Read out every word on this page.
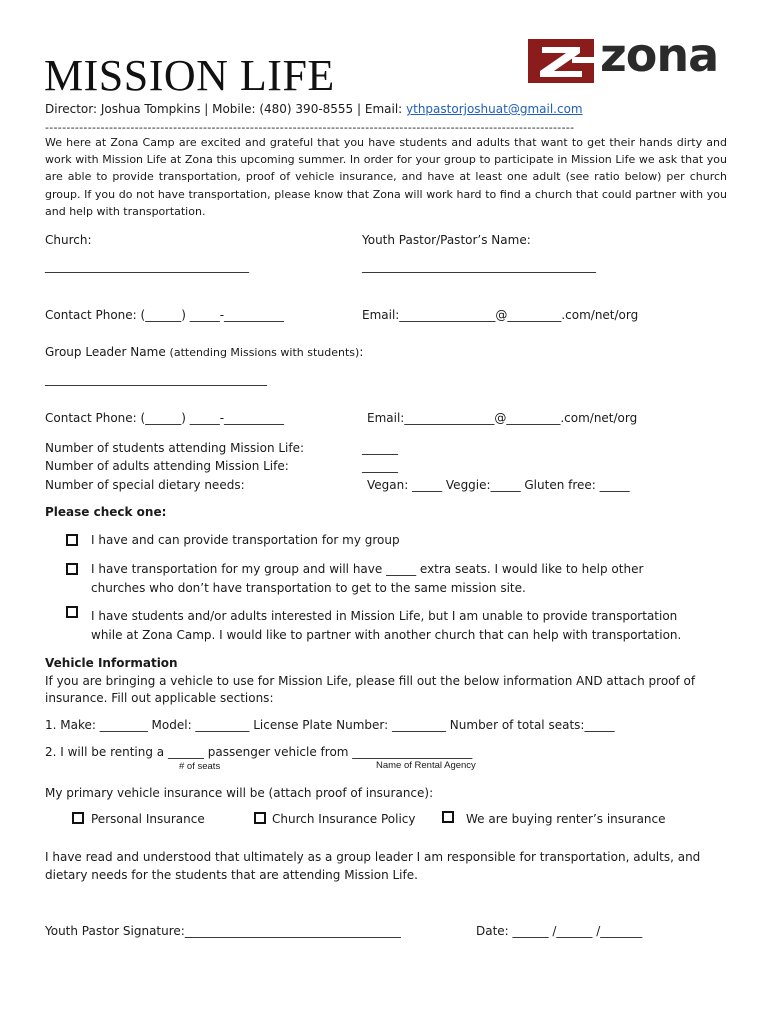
MISSION LIFE	zona
Director: Joshua Tompkins | Mobile: (480) 390-8555 | Email: ythpastorjoshuat@gmail.com
----------------------------------------------------------------------------------------------------------------------------
We here at Zona Camp are excited and grateful that you have students and adults that want to get their hands dirty and work with Mission Life at Zona this upcoming summer. In order for your group to participate in Mission Life we ask that you are able to provide transportation, proof of vehicle insurance, and have at least one adult (see ratio below) per church group. If you do not have transportation, please know that Zona will work hard to find a church that could partner with you and help with transportation.
Church:	Youth Pastor/Pastor’s Name:
__________________________________	_______________________________________
Contact Phone: (______) _____-__________	Email:________________@_________.com/net/org
Group Leader Name (attending Missions with students):
_____________________________________
Contact Phone: (______) _____-__________	Email:_______________@_________.com/net/org
Number of students attending Mission Life:	______
Number of adults attending Mission Life:	______
Number of special dietary needs:	Vegan: _____ Veggie:_____ Gluten free: _____
Please check one:
I have and can provide transportation for my group
I have transportation for my group and will have _____ extra seats. I would like to help other
churches who don’t have transportation to get to the same mission site.
I have students and/or adults interested in Mission Life, but I am unable to provide transportation
while at Zona Camp. I would like to partner with another church that can help with transportation.
Vehicle Information
If you are bringing a vehicle to use for Mission Life, please fill out the below information AND attach proof of
insurance. Fill out applicable sections:
1. Make: ________ Model: _________ License Plate Number: _________ Number of total seats:_____
2. I will be renting a ______ passenger vehicle from ____________________
# of seats	Name of Rental Agency
My primary vehicle insurance will be (attach proof of insurance):
Personal Insurance	Church Insurance Policy	We are buying renter’s insurance
I have read and understood that ultimately as a group leader I am responsible for transportation, adults, and
dietary needs for the students that are attending Mission Life.
Youth Pastor Signature:____________________________________	Date: ______ /______ /_______
